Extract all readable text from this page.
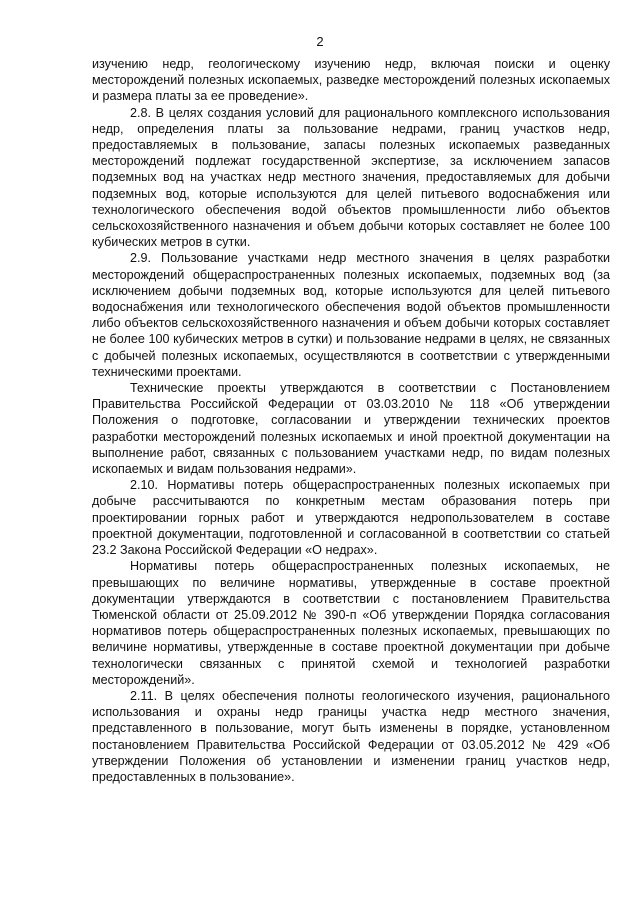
2

изучению недр, геологическому изучению недр, включая поиски и оценку месторождений полезных ископаемых, разведке месторождений полезных ископаемых и размера платы за ее проведение».

2.8. В целях создания условий для рационального комплексного использования недр, определения платы за пользование недрами, границ участков недр, предоставляемых в пользование, запасы полезных ископаемых разведанных месторождений подлежат государственной экспертизе, за исключением запасов подземных вод на участках недр местного значения, предоставляемых для добычи подземных вод, которые используются для целей питьевого водоснабжения или технологического обеспечения водой объектов промышленности либо объектов сельскохозяйственного назначения и объем добычи которых составляет не более 100 кубических метров в сутки.

2.9. Пользование участками недр местного значения в целях разработки месторождений общераспространенных полезных ископаемых, подземных вод (за исключением добычи подземных вод, которые используются для целей питьевого водоснабжения или технологического обеспечения водой объектов промышленности либо объектов сельскохозяйственного назначения и объем добычи которых составляет не более 100 кубических метров в сутки) и пользование недрами в целях, не связанных с добычей полезных ископаемых, осуществляются в соответствии с утвержденными техническими проектами.

Технические проекты утверждаются в соответствии с Постановлением Правительства Российской Федерации от 03.03.2010 № 118 «Об утверждении Положения о подготовке, согласовании и утверждении технических проектов разработки месторождений полезных ископаемых и иной проектной документации на выполнение работ, связанных с пользованием участками недр, по видам полезных ископаемых и видам пользования недрами».

2.10. Нормативы потерь общераспространенных полезных ископаемых при добыче рассчитываются по конкретным местам образования потерь при проектировании горных работ и утверждаются недропользователем в составе проектной документации, подготовленной и согласованной в соответствии со статьей 23.2 Закона Российской Федерации «О недрах».

Нормативы потерь общераспространенных полезных ископаемых, не превышающих по величине нормативы, утвержденные в составе проектной документации утверждаются в соответствии с постановлением Правительства Тюменской области от 25.09.2012 № 390-п «Об утверждении Порядка согласования нормативов потерь общераспространенных полезных ископаемых, превышающих по величине нормативы, утвержденные в составе проектной документации при добыче технологически связанных с принятой схемой и технологией разработки месторождений».

2.11. В целях обеспечения полноты геологического изучения, рационального использования и охраны недр границы участка недр местного значения, представленного в пользование, могут быть изменены в порядке, установленном постановлением Правительства Российской Федерации от 03.05.2012 № 429 «Об утверждении Положения об установлении и изменении границ участков недр, предоставленных в пользование».
